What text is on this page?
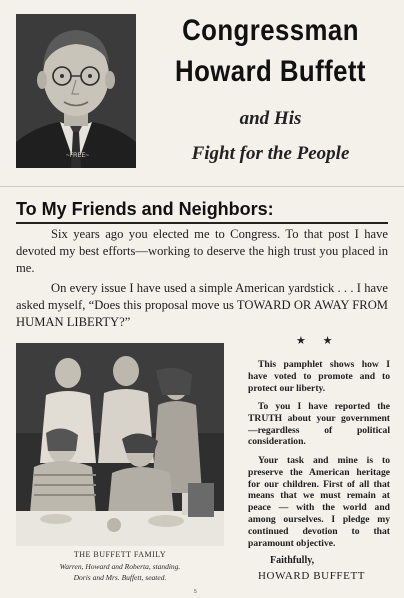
~FREE~
Congressman
Howard Buffett
and His
Fight for the People
To My Friends and Neighbors:

Six years ago you elected me to Congress. To that post I have devoted my best efforts—working to deserve the high trust you placed in me.

On every issue I have used a simple American yardstick . . . I have asked myself, “Does this proposal move us TOWARD OR AWAY FROM HUMAN LIBERTY?”

★ ★
THE BUFFETT FAMILY
Warren, Howard and Roberta, standing.
Doris and Mrs. Buffett, seated.

This pamphlet shows how I have voted to promote and to protect our liberty.

To you I have reported the TRUTH about your government —regardless of political consideration.

Your task and mine is to preserve the American heritage for our children. First of all that means that we must remain at peace — with the world and among ourselves. I pledge my continued devotion to that paramount objective.

Faithfully,
HOWARD BUFFETT
5
